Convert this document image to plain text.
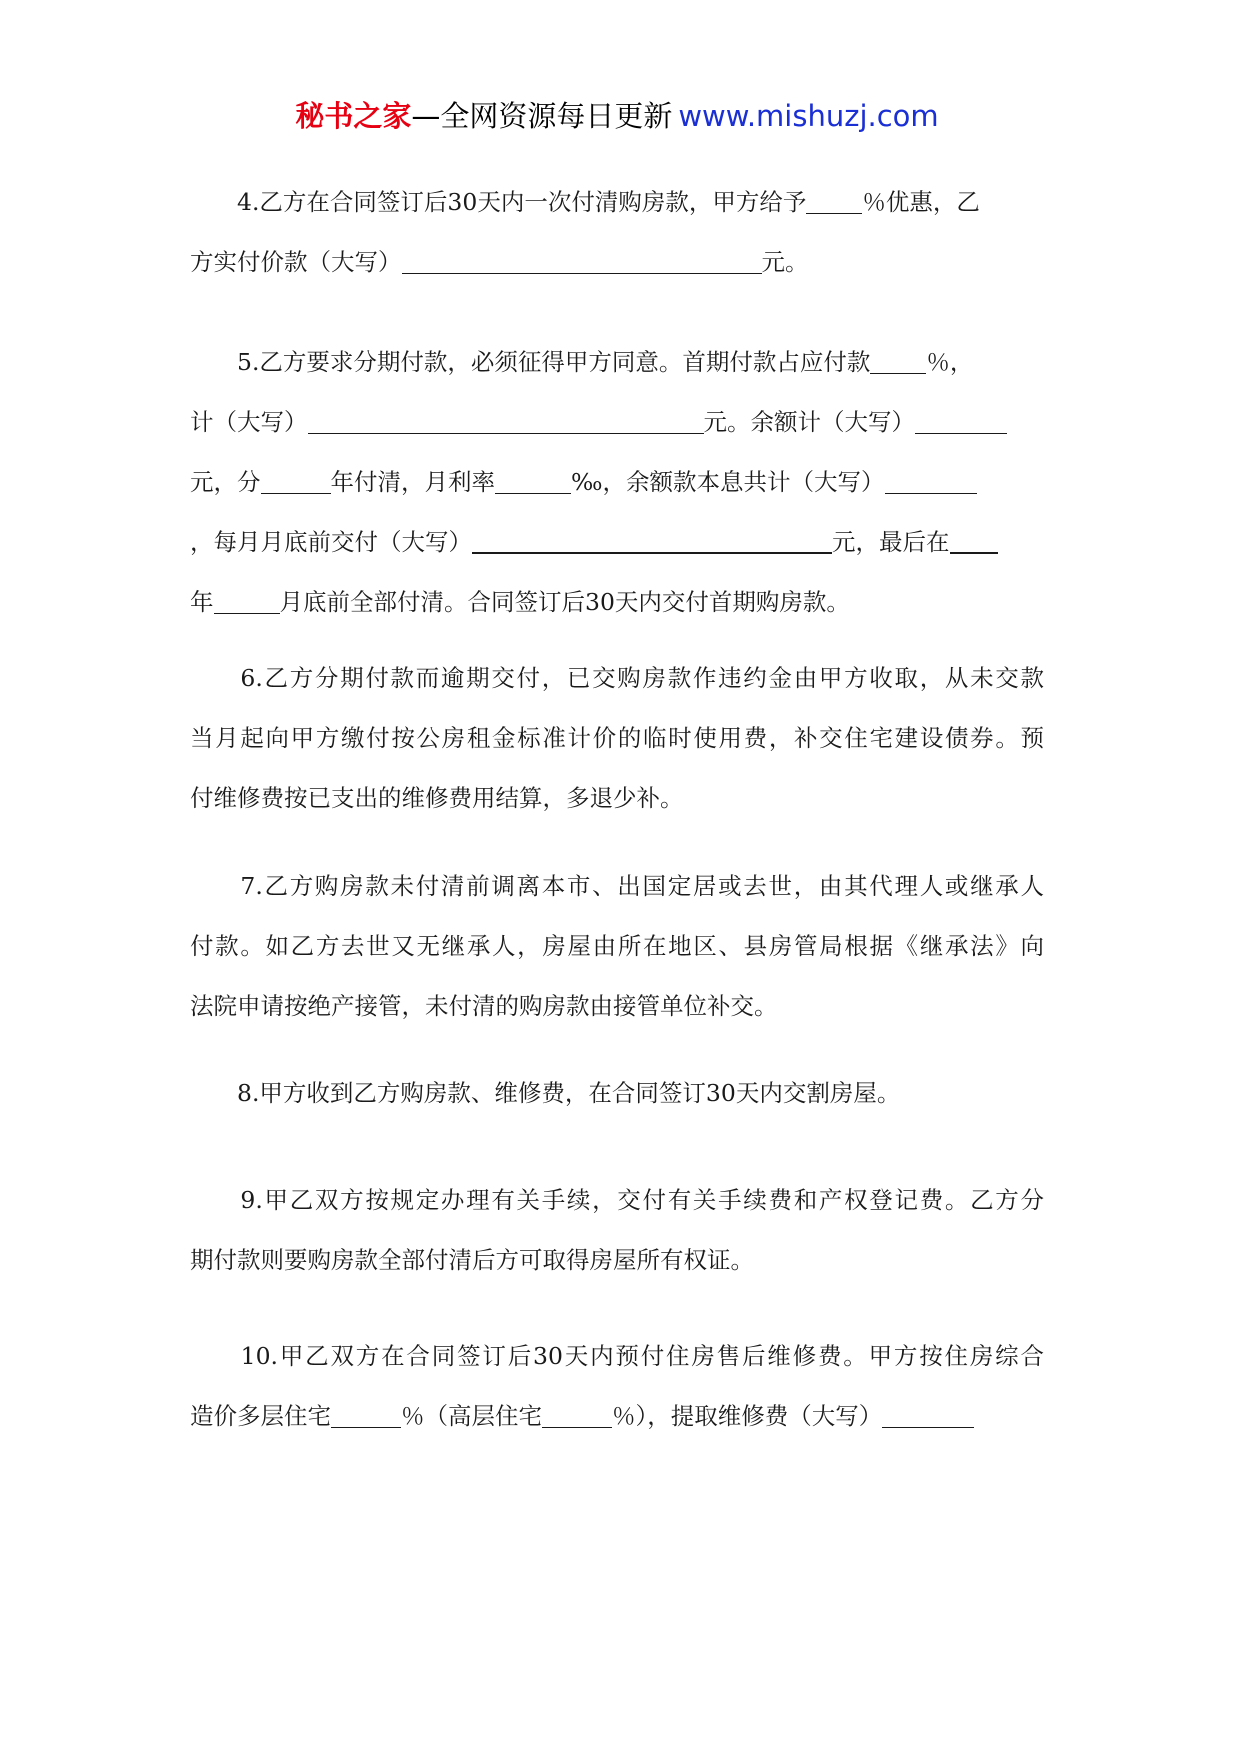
秘书之家—全网资源每日更新 www.mishuzj.com
　　4.乙方在合同签订后30天内一次付清购房款，甲方给予 ％优惠，乙
方实付价款（大写）	元。
　　5.乙方要求分期付款，必须征得甲方同意。首期付款占应付款 ％，
计（大写）	元。余额计（大写）
元，分	年付清，月利率	‰，余额款本息共计（大写）
，每月月底前交付（大写）	元，最后在
年	月底前全部付清。合同签订后30天内交付首期购房款。
　　6.乙方分期付款而逾期交付，已交购房款作违约金由甲方收取，从未交款
当月起向甲方缴付按公房租金标准计价的临时使用费，补交住宅建设债券。预
付维修费按已支出的维修费用结算，多退少补。
　　7.乙方购房款未付清前调离本市、出国定居或去世，由其代理人或继承人
付款。如乙方去世又无继承人，房屋由所在地区、县房管局根据《继承法》向
法院申请按绝产接管，未付清的购房款由接管单位补交。
　　8.甲方收到乙方购房款、维修费，在合同签订30天内交割房屋。
　　9.甲乙双方按规定办理有关手续，交付有关手续费和产权登记费。乙方分
期付款则要购房款全部付清后方可取得房屋所有权证。
　　10.甲乙双方在合同签订后30天内预付住房售后维修费。甲方按住房综合
造价多层住宅	％（高层住宅	％），提取维修费（大写）
